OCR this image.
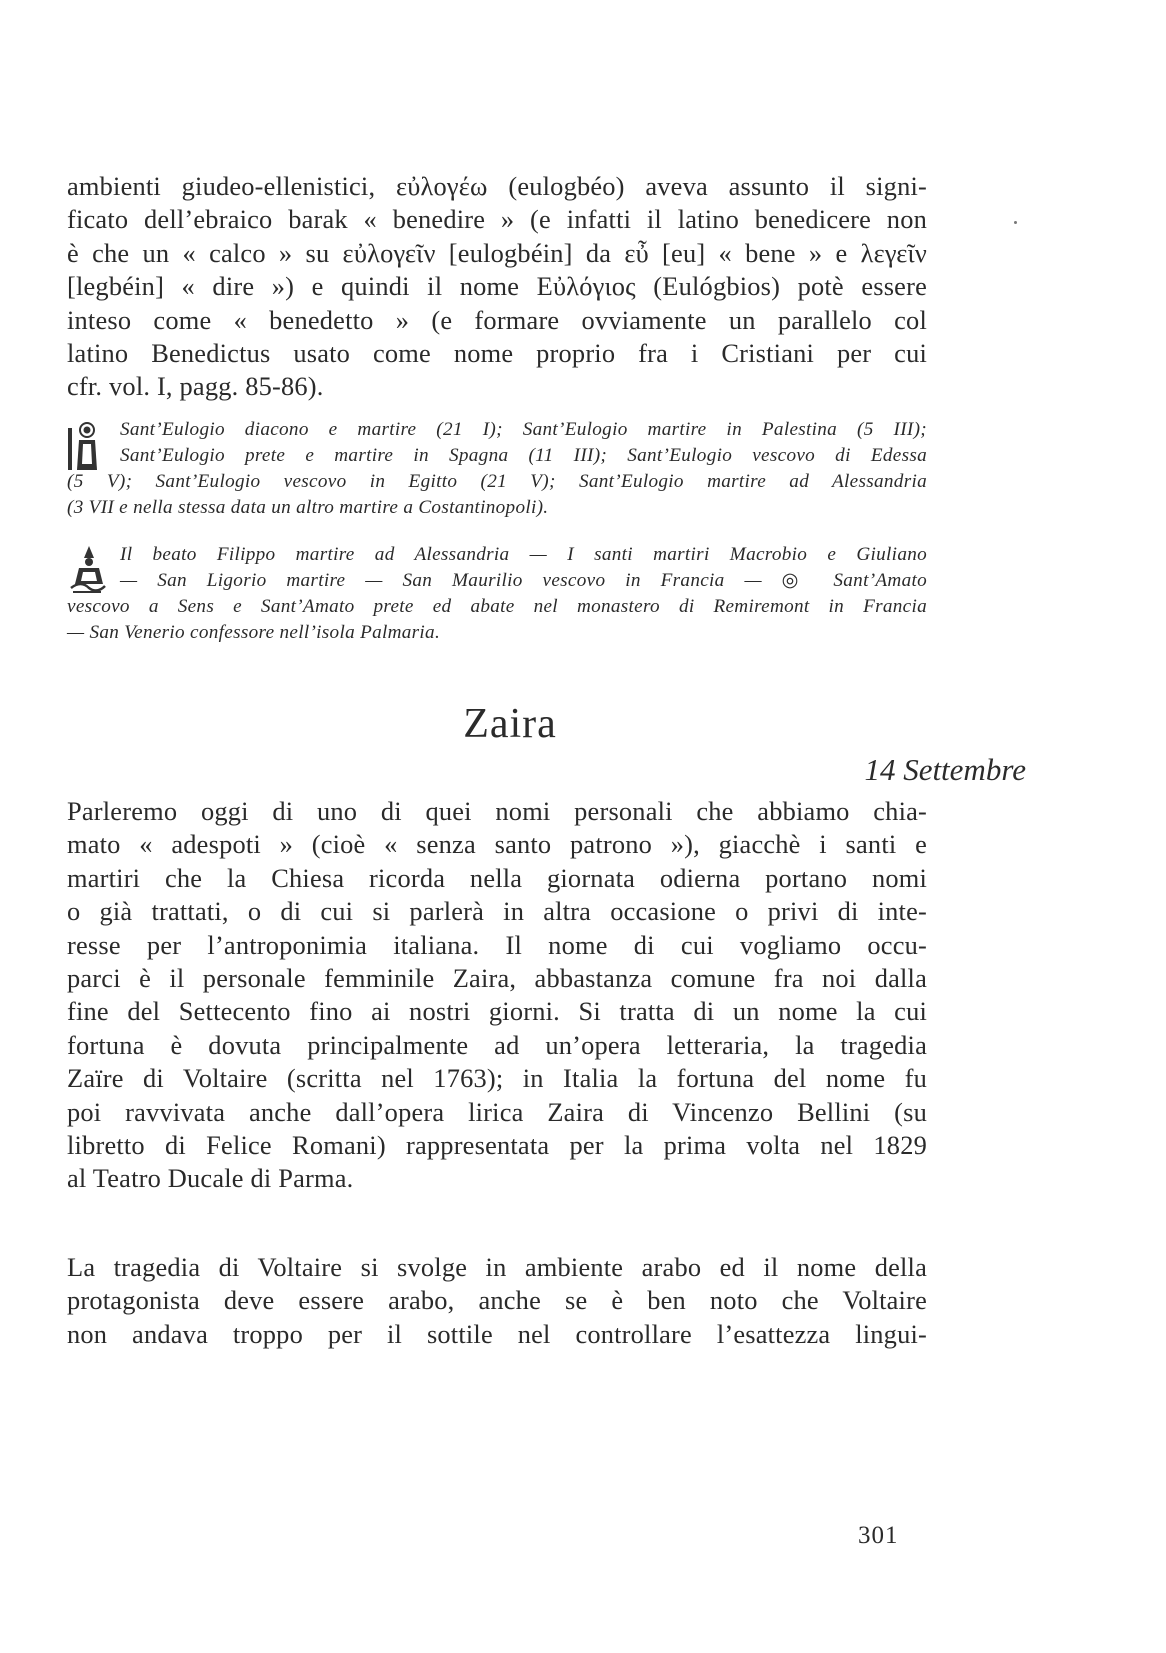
ambienti giudeo-ellenistici, εὐλογέω (eulogbéo) aveva assunto il signi-
ficato dell’ebraico barak « benedire » (e infatti il latino benedicere non
è che un « calco » su εὐλογεῖν [eulogbéin] da εὖ [eu] « bene » e λεγεῖν
[legbéin] « dire ») e quindi il nome Εὐλόγιος (Eulógbios) potè essere
inteso come « benedetto » (e formare ovviamente un parallelo col
latino Benedictus usato come nome proprio fra i Cristiani per cui
cfr. vol. I, pagg. 85-86).
Sant’Eulogio diacono e martire (21 I); Sant’Eulogio martire in Palestina (5 III);
Sant’Eulogio prete e martire in Spagna (11 III); Sant’Eulogio vescovo di Edessa
(5 V); Sant’Eulogio vescovo in Egitto (21 V); Sant’Eulogio martire ad Alessandria
(3 VII e nella stessa data un altro martire a Costantinopoli).
Il beato Filippo martire ad Alessandria — I santi martiri Macrobio e Giuliano
— San Ligorio martire — San Maurilio vescovo in Francia — ◎ Sant’Amato
vescovo a Sens e Sant’Amato prete ed abate nel monastero di Remiremont in Francia
— San Venerio confessore nell’isola Palmaria.
Zaira
14 Settembre
Parleremo oggi di uno di quei nomi personali che abbiamo chia-
mato « adespoti » (cioè « senza santo patrono »), giacchè i santi e
martiri che la Chiesa ricorda nella giornata odierna portano nomi
o già trattati, o di cui si parlerà in altra occasione o privi di inte-
resse per l’antroponimia italiana. Il nome di cui vogliamo occu-
parci è il personale femminile Zaira, abbastanza comune fra noi dalla
fine del Settecento fino ai nostri giorni. Si tratta di un nome la cui
fortuna è dovuta principalmente ad un’opera letteraria, la tragedia
Zaïre di Voltaire (scritta nel 1763); in Italia la fortuna del nome fu
poi ravvivata anche dall’opera lirica Zaira di Vincenzo Bellini (su
libretto di Felice Romani) rappresentata per la prima volta nel 1829
al Teatro Ducale di Parma.
La tragedia di Voltaire si svolge in ambiente arabo ed il nome della
protagonista deve essere arabo, anche se è ben noto che Voltaire
non andava troppo per il sottile nel controllare l’esattezza lingui-
301
